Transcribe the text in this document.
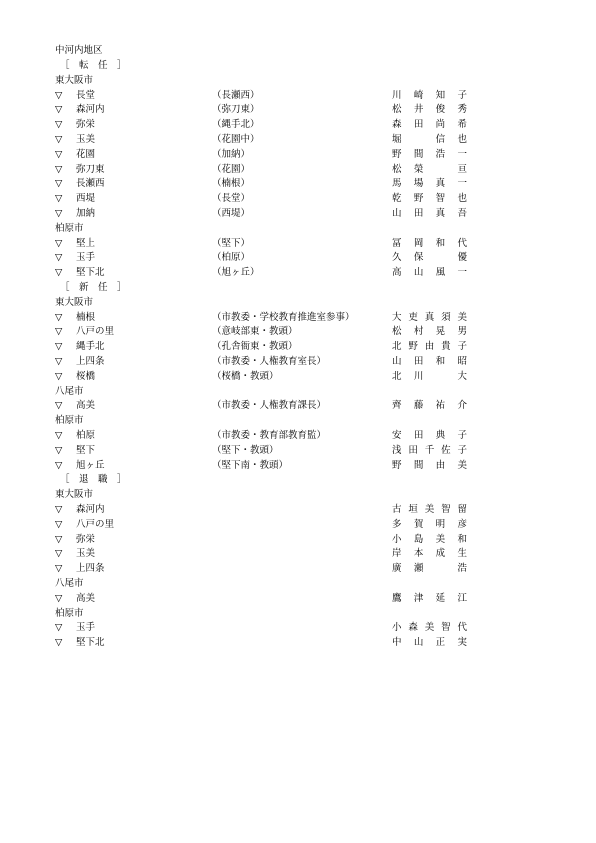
中河内地区
［　転　任　］
東大阪市
▽ 長堂	（長瀬西）	川崎知子
▽ 森河内	（弥刀東）	松井俊秀
▽ 弥栄	（縄手北）	森田尚希
▽ 玉美	（花園中）	堀　信也
▽ 花園	（加納）	野間浩一
▽ 弥刀東	（花園）	松榮　亘
▽ 長瀬西	（楠根）	馬場真一
▽ 西堤	（長堂）	乾野智也
▽ 加納	（西堤）	山田真吾
柏原市
▽ 堅上	（堅下）	冨岡和代
▽ 玉手	（柏原）	久保　優
▽ 堅下北	（旭ヶ丘）	高山風一
［　新　任　］
東大阪市
▽ 楠根	（市教委・学校教育推進室参事）	大吏真須美
▽ 八戸の里	（意岐部東・教頭）	松村晃男
▽ 縄手北	（孔舎衙東・教頭）	北野由貴子
▽ 上四条	（市教委・人権教育室長）	山田和昭
▽ 桜橋	（桜橋・教頭）	北川　大
八尾市
▽ 高美	（市教委・人権教育課長）	齊藤祐介
柏原市
▽ 柏原	（市教委・教育部教育監）	安田典子
▽ 堅下	（堅下・教頭）	浅田千佐子
▽ 旭ヶ丘	（堅下南・教頭）	野間由美
［　退　職　］
東大阪市
▽ 森河内	古垣美智留
▽ 八戸の里	多賀明彦
▽ 弥栄	小島美和
▽ 玉美	岸本成生
▽ 上四条	廣瀬　浩
八尾市
▽ 高美	鷹津延江
柏原市
▽ 玉手	小森美智代
▽ 堅下北	中山正実
